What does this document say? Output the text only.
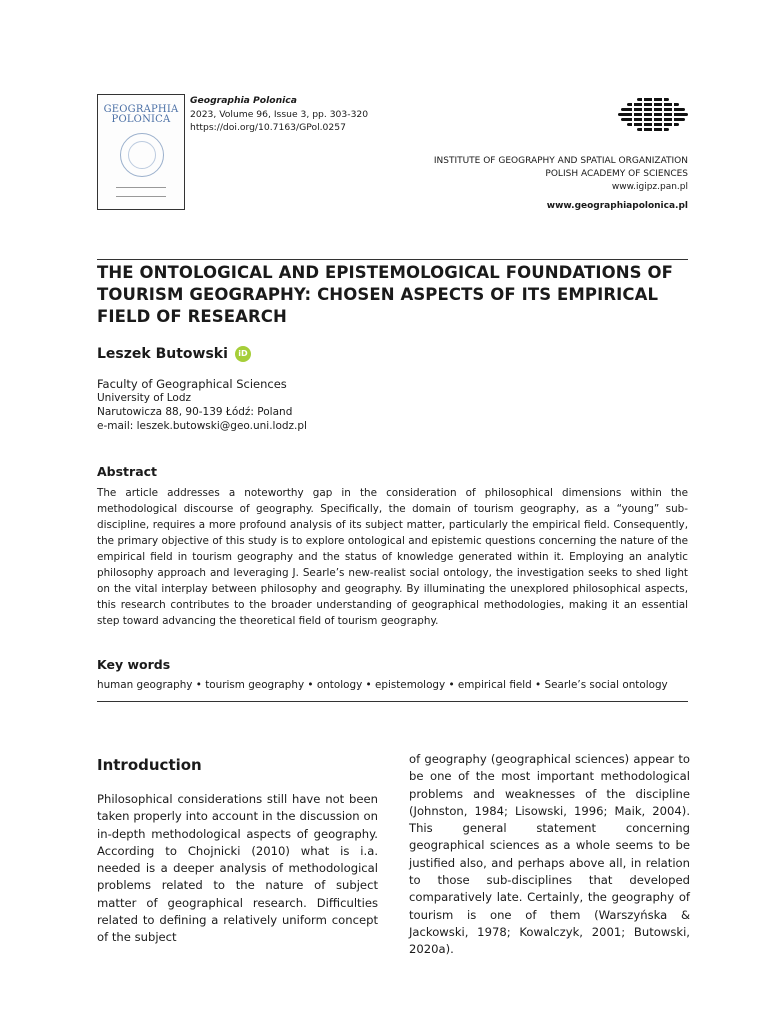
GEOGRAPHIA
POLONICA
Geographia Polonica
2023, Volume 96, Issue 3, pp. 303-320
https://doi.org/10.7163/GPol.0257
INSTITUTE OF GEOGRAPHY AND SPATIAL ORGANIZATION
POLISH ACADEMY OF SCIENCES
www.igipz.pan.pl
www.geographiapolonica.pl
THE ONTOLOGICAL AND EPISTEMOLOGICAL FOUNDATIONS OF TOURISM GEOGRAPHY: CHOSEN ASPECTS OF ITS EMPIRICAL FIELD OF RESEARCH
Leszek Butowski	iD
Faculty of Geographical Sciences
University of Lodz
Narutowicza 88, 90-139 Łódź: Poland
e-mail: leszek.butowski@geo.uni.lodz.pl
Abstract
The article addresses a noteworthy gap in the consideration of philosophical dimensions within the methodological discourse of geography. Specifically, the domain of tourism geography, as a “young” sub-discipline, requires a more profound analysis of its subject matter, particularly the empirical field. Consequently, the primary objective of this study is to explore ontological and epistemic questions concerning the nature of the empirical field in tourism geography and the status of knowledge generated within it. Employing an analytic philosophy approach and leveraging J. Searle’s new-realist social ontology, the investigation seeks to shed light on the vital interplay between philosophy and geography. By illuminating the unexplored philosophical aspects, this research contributes to the broader understanding of geographical methodologies, making it an essential step toward advancing the theoretical field of tourism geography.
Key words
human geography • tourism geography • ontology • epistemology • empirical field • Searle’s social ontology
Introduction
Philosophical considerations still have not been taken properly into account in the discussion on in-depth methodological aspects of geography. According to Chojnicki (2010) what is i.a. needed is a deeper analysis of methodological problems related to the nature of subject matter of geographical research. Difficulties related to defining a relatively uniform concept of the subject
of geography (geographical sciences) appear to be one of the most important methodological problems and weaknesses of the discipline (Johnston, 1984; Lisowski, 1996; Maik, 2004). This general statement concerning geographical sciences as a whole seems to be justified also, and perhaps above all, in relation to those sub-disciplines that developed comparatively late. Certainly, the geography of tourism is one of them (Warszyńska & Jackowski, 1978; Kowalczyk, 2001; Butowski, 2020a).
